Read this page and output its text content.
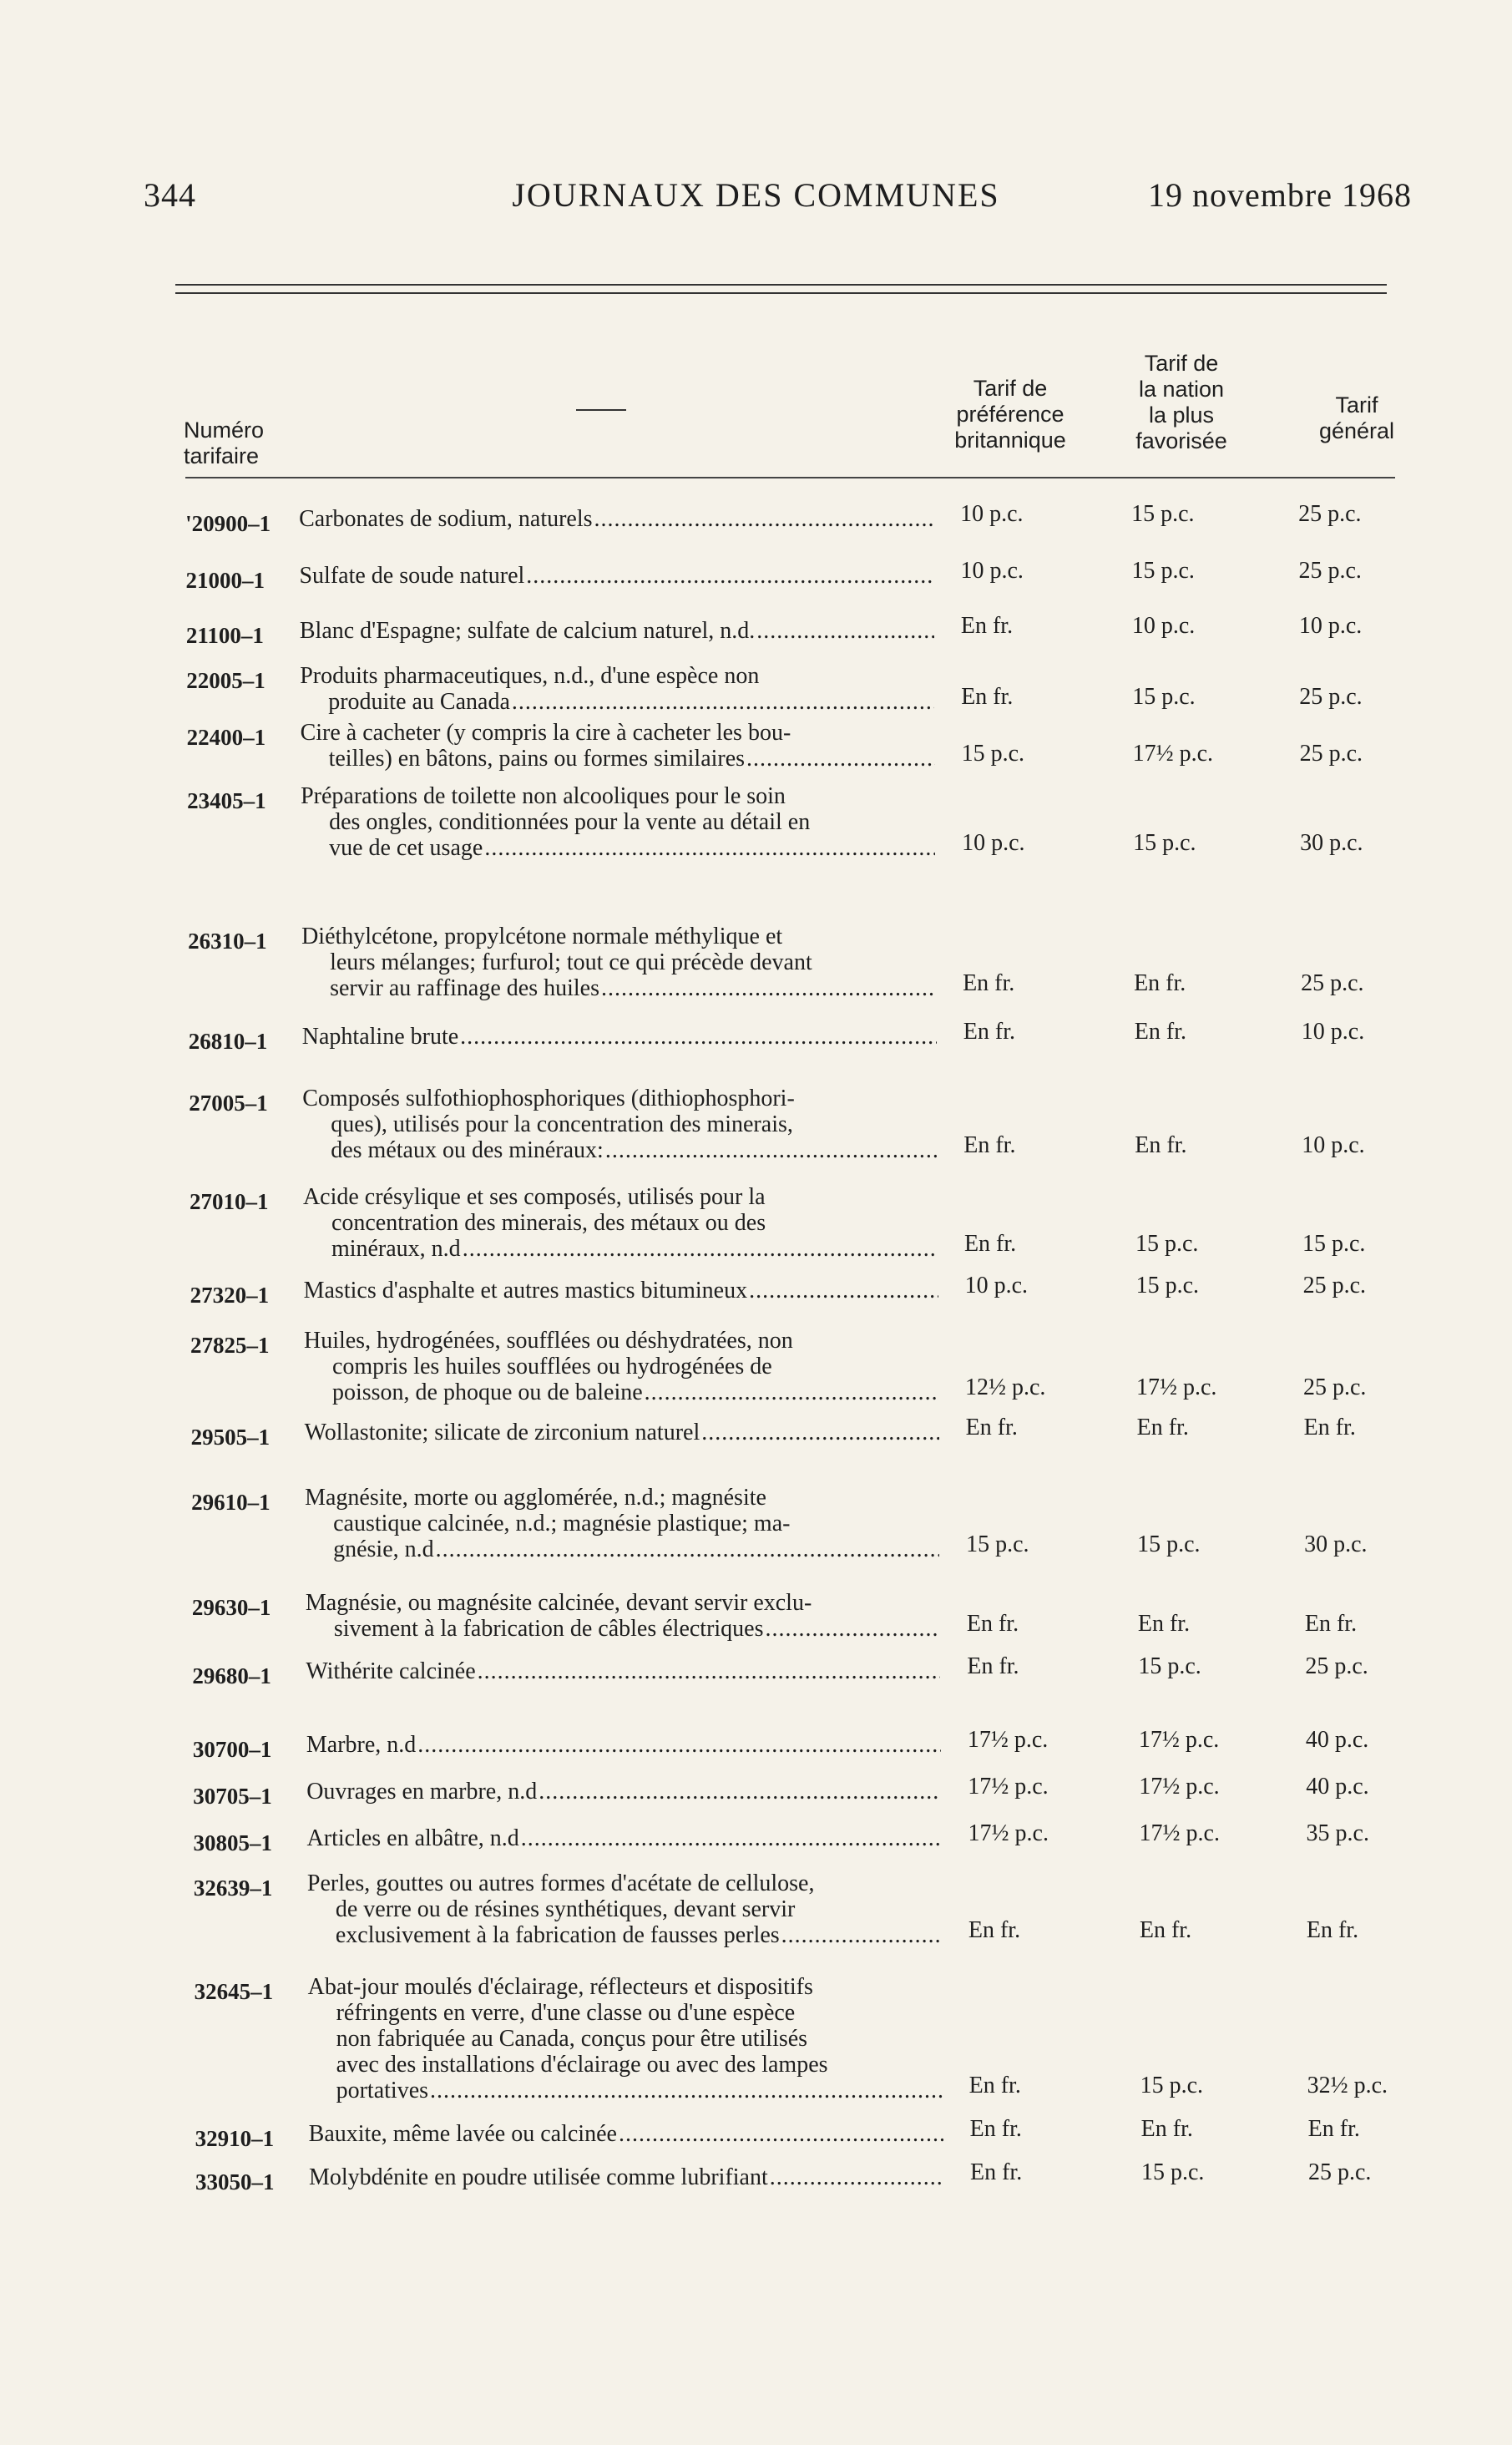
344	JOURNAUX DES COMMUNES	19 novembre 1968
Numéro
tarifaire
Tarif de
préférence
britannique
Tarif de
la nation
la plus
favorisée
Tarif
général
'20900–1	Carbonates de sodium, naturels . . .	10 p.c.	15 p.c.	25 p.c.
21000–1	Sulfate de soude naturel . . .	10 p.c.	15 p.c.	25 p.c.
21100–1	Blanc d'Espagne; sulfate de calcium naturel, n.d. . . .	En fr.	10 p.c.	10 p.c.
22005–1	Produits pharmaceutiques, n.d., d'une espèce non
produite au Canada . . .	En fr.	15 p.c.	25 p.c.
22400–1	Cire à cacheter (y compris la cire à cacheter les bou-
teilles) en bâtons, pains ou formes similaires . . .	15 p.c.	17½ p.c.	25 p.c.
23405–1	Préparations de toilette non alcooliques pour le soin
des ongles, conditionnées pour la vente au détail en
vue de cet usage . . .	10 p.c.	15 p.c.	30 p.c.
26310–1	Diéthylcétone, propylcétone normale méthylique et
leurs mélanges; furfurol; tout ce qui précède devant
servir au raffinage des huiles . . .	En fr.	En fr.	25 p.c.
26810–1	Naphtaline brute . . .	En fr.	En fr.	10 p.c.
27005–1	Composés sulfothiophosphoriques (dithiophosphori-
ques), utilisés pour la concentration des minerais,
des métaux ou des minéraux: . . .	En fr.	En fr.	10 p.c.
27010–1	Acide crésylique et ses composés, utilisés pour la
concentration des minerais, des métaux ou des
minéraux, n.d . . .	En fr.	15 p.c.	15 p.c.
27320–1	Mastics d'asphalte et autres mastics bitumineux . . .	10 p.c.	15 p.c.	25 p.c.
27825–1	Huiles, hydrogénées, soufflées ou déshydratées, non
compris les huiles soufflées ou hydrogénées de
poisson, de phoque ou de baleine . . .	12½ p.c.	17½ p.c.	25 p.c.
29505–1	Wollastonite; silicate de zirconium naturel . . .	En fr.	En fr.	En fr.
29610–1	Magnésite, morte ou agglomérée, n.d.; magnésite
caustique calcinée, n.d.; magnésie plastique; ma-
gnésie, n.d . . .	15 p.c.	15 p.c.	30 p.c.
29630–1	Magnésie, ou magnésite calcinée, devant servir exclu-
sivement à la fabrication de câbles électriques . . .	En fr.	En fr.	En fr.
29680–1	Withérite calcinée . . .	En fr.	15 p.c.	25 p.c.
30700–1	Marbre, n.d . . .	17½ p.c.	17½ p.c.	40 p.c.
30705–1	Ouvrages en marbre, n.d . . .	17½ p.c.	17½ p.c.	40 p.c.
30805–1	Articles en albâtre, n.d . . .	17½ p.c.	17½ p.c.	35 p.c.
32639–1	Perles, gouttes ou autres formes d'acétate de cellulose,
de verre ou de résines synthétiques, devant servir
exclusivement à la fabrication de fausses perles . . .	En fr.	En fr.	En fr.
32645–1	Abat-jour moulés d'éclairage, réflecteurs et dispositifs
réfringents en verre, d'une classe ou d'une espèce
non fabriquée au Canada, conçus pour être utilisés
avec des installations d'éclairage ou avec des lampes
portatives . . .	En fr.	15 p.c.	32½ p.c.
32910–1	Bauxite, même lavée ou calcinée . . .	En fr.	En fr.	En fr.
33050–1	Molybdénite en poudre utilisée comme lubrifiant . . .	En fr.	15 p.c.	25 p.c.
